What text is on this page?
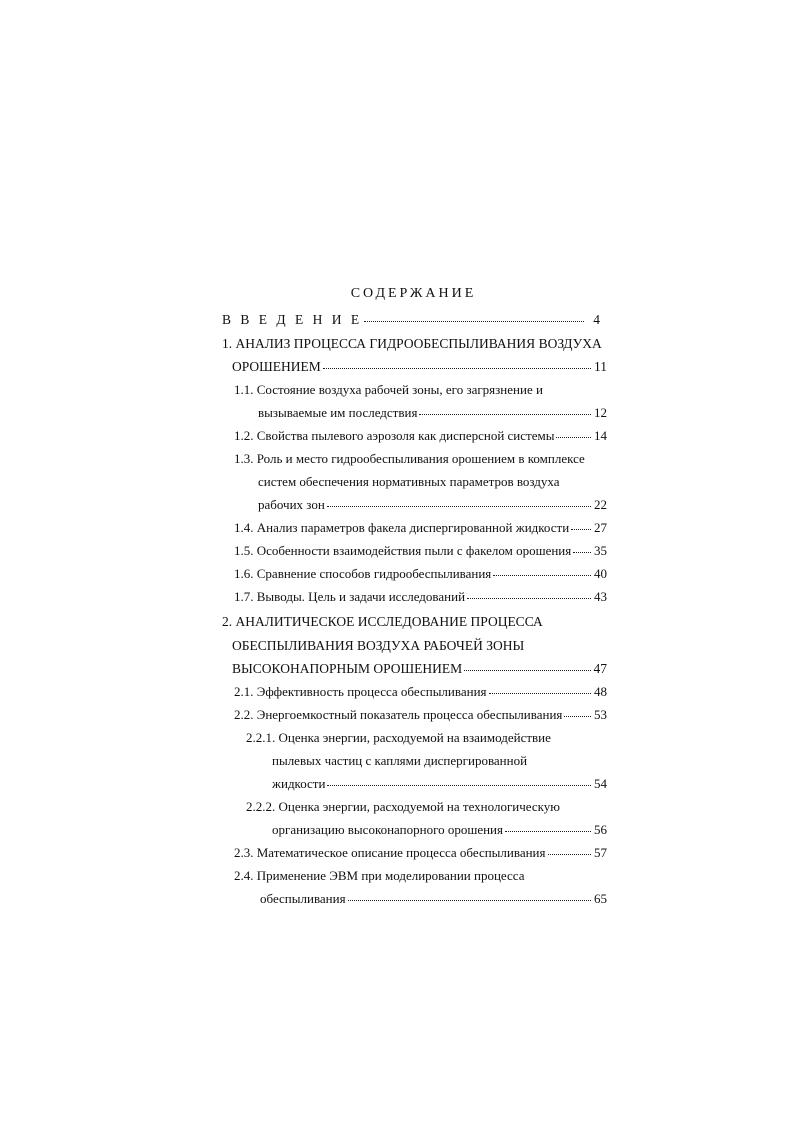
СОДЕРЖАНИЕ
В В Е Д Е Н И Е	4
1. АНАЛИЗ ПРОЦЕССА ГИДРООБЕСПЫЛИВАНИЯ ВОЗДУХА
ОРОШЕНИЕМ	11
1.1. Состояние воздуха рабочей зоны, его загрязнение и
вызываемые им последствия	12
1.2. Свойства пылевого аэрозоля как дисперсной системы	14
1.3. Роль и место гидрообеспыливания орошением в комплексе
систем обеспечения нормативных параметров воздуха
рабочих зон	22
1.4. Анализ параметров факела диспергированной жидкости 27
1.5. Особенности взаимодействия пыли с факелом орошения 35
1.6. Сравнение способов гидрообеспыливания	40
1.7. Выводы. Цель и задачи исследований	43
2. АНАЛИТИЧЕСКОЕ ИССЛЕДОВАНИЕ ПРОЦЕССА
ОБЕСПЫЛИВАНИЯ ВОЗДУХА РАБОЧЕЙ ЗОНЫ
ВЫСОКОНАПОРНЫМ ОРОШЕНИЕМ	47
2.1. Эффективность процесса обеспыливания	48
2.2. Энергоемкостный показатель процесса обеспыливания 53
2.2.1. Оценка энергии, расходуемой на взаимодействие
пылевых частиц с каплями диспергированной
жидкости	54
2.2.2. Оценка энергии, расходуемой на технологическую
организацию высоконапорного орошения	56
2.3. Математическое описание процесса обеспыливания	57
2.4. Применение ЭВМ при моделировании процесса
обеспыливания	65
